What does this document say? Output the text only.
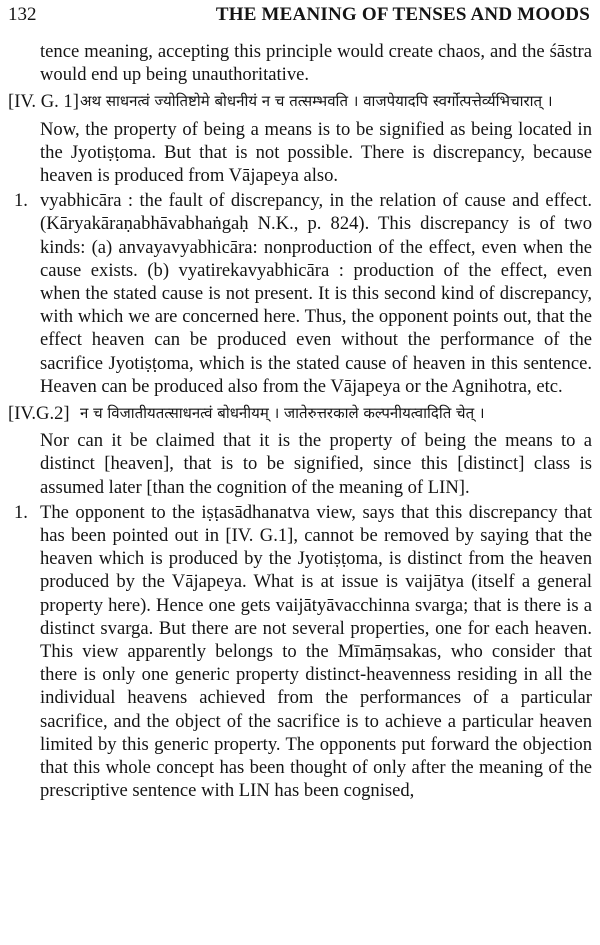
132	THE MEANING OF TENSES AND MOODS

tence meaning, accepting this principle would create chaos, and the śāstra would end up being unauthoritative.

[IV. G. 1] अथ साधनत्वं ज्योतिष्टोमे बोधनीयं न च तत्सम्भवति । वाजपेयादपि स्वर्गोत्पत्तेर्व्यभिचारात् ।

Now, the property of being a means is to be signified as being located in the Jyotiṣṭoma. But that is not possible. There is discrepancy, because heaven is produced from Vājapeya also.

1. vyabhicāra : the fault of discrepancy, in the relation of cause and effect. (Kāryakāraṇabhāvabhaṅgaḥ N.K., p. 824). This discrepancy is of two kinds: (a) anvayavyabhicāra: nonproduction of the effect, even when the cause exists. (b) vyatirekavyabhicāra : production of the effect, even when the stated cause is not present. It is this second kind of discrepancy, with which we are concerned here. Thus, the opponent points out, that the effect heaven can be produced even without the performance of the sacrifice Jyotiṣṭoma, which is the stated cause of heaven in this sentence. Heaven can be produced also from the Vājapeya or the Agnihotra, etc.
[IV.G.2] न च विजातीयतत्साधनत्वं बोधनीयम् । जातेरुत्तरकाले कल्पनीयत्वादिति चेत् ।

Nor can it be claimed that it is the property of being the means to a distinct [heaven], that is to be signified, since this [distinct] class is assumed later [than the cognition of the meaning of LIN].

1. The opponent to the iṣṭasādhanatva view, says that this discrepancy that has been pointed out in [IV. G.1], cannot be removed by saying that the heaven which is produced by the Jyotiṣṭoma, is distinct from the heaven produced by the Vājapeya. What is at issue is vaijātya (itself a general property here). Hence one gets vaijātyāvacchinna svarga; that is there is a distinct svarga. But there are not several properties, one for each heaven. This view apparently belongs to the Mīmāṃsakas, who consider that there is only one generic property distinct-heavenness residing in all the individual heavens achieved from the performances of a particular sacrifice, and the object of the sacrifice is to achieve a particular heaven limited by this generic property. The opponents put forward the objection that this whole concept has been thought of only after the meaning of the prescriptive sentence with LIN has been cognised,
